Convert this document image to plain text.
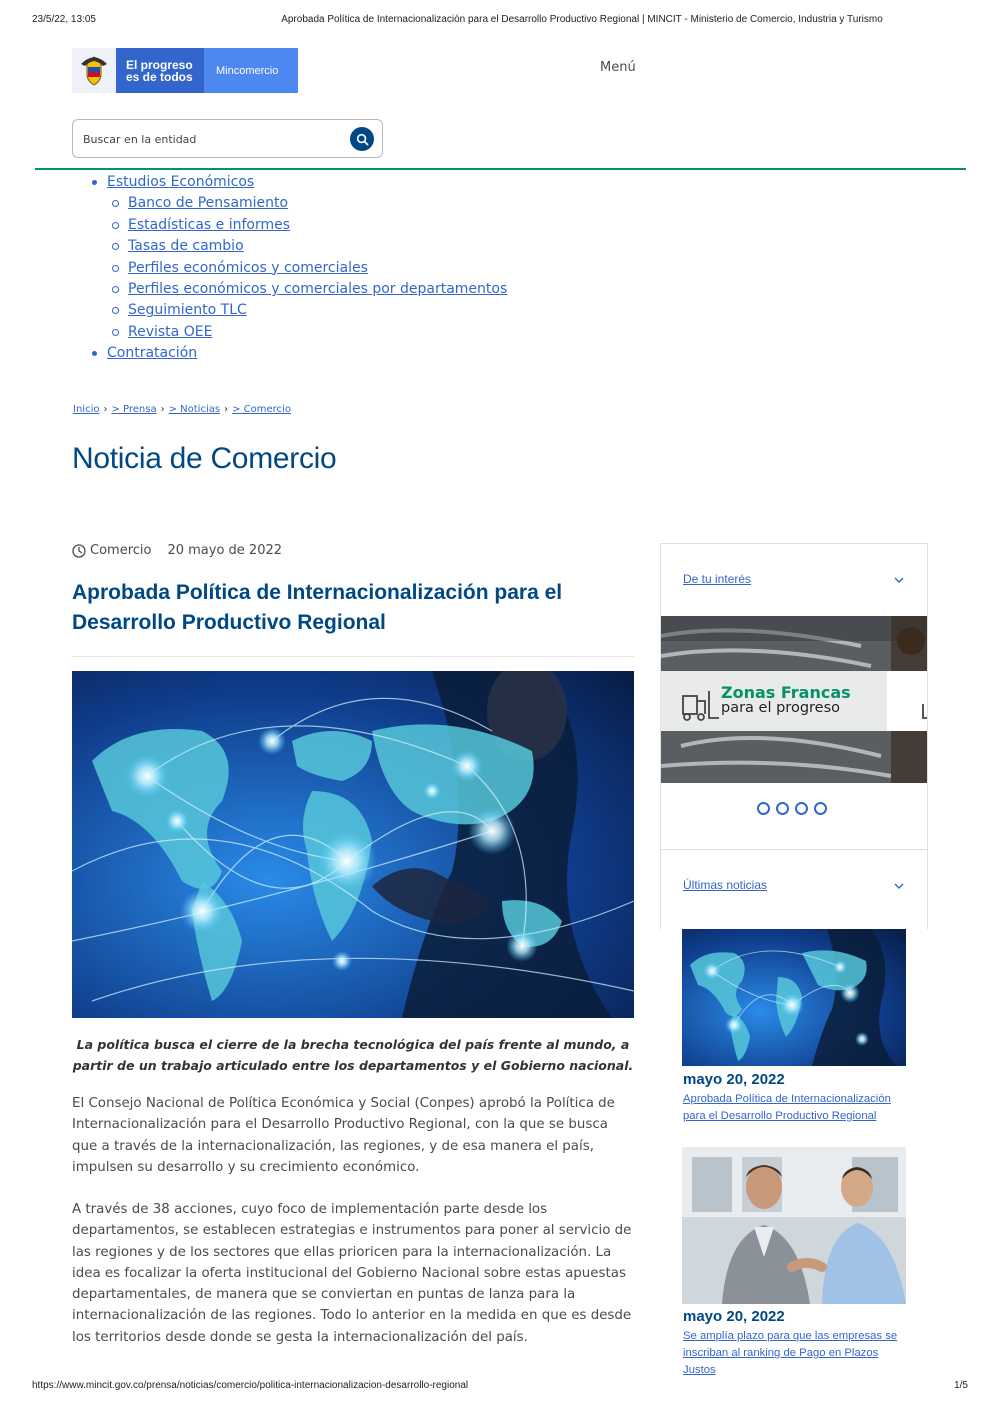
23/5/22, 13:05	Aprobada Política de Internacionalización para el Desarrollo Productivo Regional | MINCIT - Ministerio de Comercio, Industria y Turismo
El progreso
es de todos	Mincomercio	Menú
Buscar en la entidad
Estudios Económicos
Banco de Pensamiento
Estadísticas e informes
Tasas de cambio
Perfiles económicos y comerciales
Perfiles económicos y comerciales por departamentos
Seguimiento TLC
Revista OEE
Contratación
Inicio › > Prensa › > Noticias › > Comercio
Noticia de Comercio
Comercio 20 mayo de 2022
Aprobada Política de Internacionalización para el Desarrollo Productivo Regional

La política busca el cierre de la brecha tecnológica del país frente al mundo, a partir de un trabajo articulado entre los departamentos y el Gobierno nacional.

El Consejo Nacional de Política Económica y Social (Conpes) aprobó la Política de Internacionalización para el Desarrollo Productivo Regional, con la que se busca que a través de la internacionalización, las regiones, y de esa manera el país, impulsen su desarrollo y su crecimiento económico.

A través de 38 acciones, cuyo foco de implementación parte desde los departamentos, se establecen estrategias e instrumentos para poner al servicio de las regiones y de los sectores que ellas prioricen para la internacionalización. La idea es focalizar la oferta institucional del Gobierno Nacional sobre estas apuestas departamentales, de manera que se conviertan en puntas de lanza para la internacionalización de las regiones. Todo lo anterior en la medida en que es desde los territorios desde donde se gesta la internacionalización del país.

De tu interés
Zonas Francas
para el progreso
Últimas noticias
mayo 20, 2022
Aprobada Política de Internacionalización para el Desarrollo Productivo Regional
mayo 20, 2022
Se amplía plazo para que las empresas se inscriban al ranking de Pago en Plazos Justos
https://www.mincit.gov.co/prensa/noticias/comercio/politica-internacionalizacion-desarrollo-regional	1/5
